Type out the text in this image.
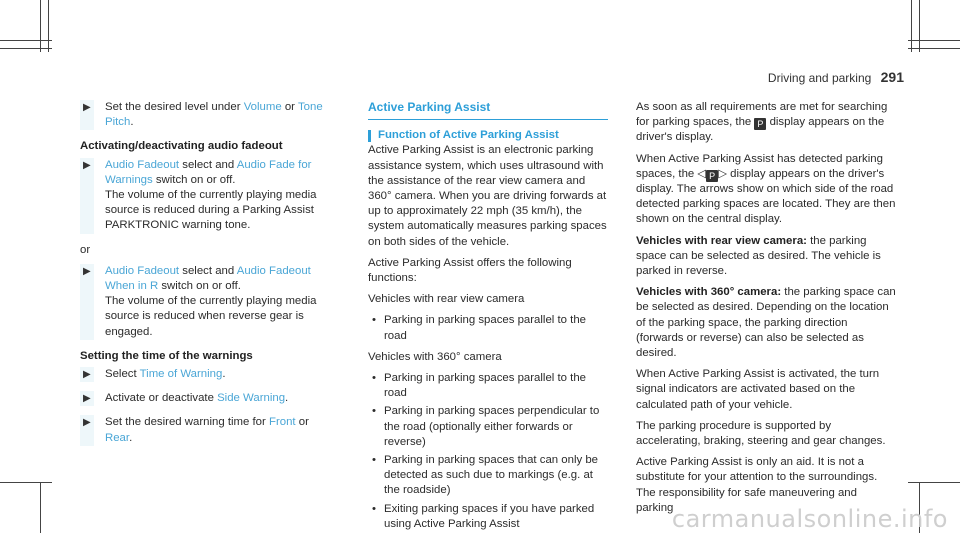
Driving and parking 291
▶	Set the desired level under Volume or Tone
Pitch.
Activating/deactivating audio fadeout
▶	Audio Fadeout select and Audio Fade for
Warnings switch on or off.
The volume of the currently playing media source is reduced during a Parking Assist PARKTRONIC warning tone.

or

▶	Audio Fadeout select and Audio Fadeout
When in R switch on or off.
The volume of the currently playing media source is reduced when reverse gear is engaged.
Setting the time of the warnings
▶	Select Time of Warning.
▶	Activate or deactivate Side Warning.
▶	Set the desired warning time for Front or
Rear.
Active Parking Assist
Function of Active Parking Assist

Active Parking Assist is an electronic parking assistance system, which uses ultrasound with the assistance of the rear view camera and 360° camera. When you are driving forwards at up to approximately 22 mph (35 km/h), the system automatically measures parking spaces on both sides of the vehicle.

Active Parking Assist offers the following functions:

Vehicles with rear view camera

• Parking in parking spaces parallel to the road

Vehicles with 360° camera

• Parking in parking spaces parallel to the road
• Parking in parking spaces perpendicular to the road (optionally either forwards or reverse)
• Parking in parking spaces that can only be detected as such due to markings (e.g. at the roadside)
• Exiting parking spaces if you have parked using Active Parking Assist

As soon as all requirements are met for searching for parking spaces, the P display appears on the driver's display.

When Active Parking Assist has detected parking spaces, the ◁ P ▷ display appears on the driver's display. The arrows show on which side of the road detected parking spaces are located. They are then shown on the central display.

Vehicles with rear view camera: the parking space can be selected as desired. The vehicle is parked in reverse.

Vehicles with 360° camera: the parking space can be selected as desired. Depending on the location of the parking space, the parking direction (forwards or reverse) can also be selected as desired.

When Active Parking Assist is activated, the turn signal indicators are activated based on the calculated path of your vehicle.

The parking procedure is supported by accelerating, braking, steering and gear changes.

Active Parking Assist is only an aid. It is not a substitute for your attention to the surroundings. The responsibility for safe maneuvering and parking

carmanualsonline.info
